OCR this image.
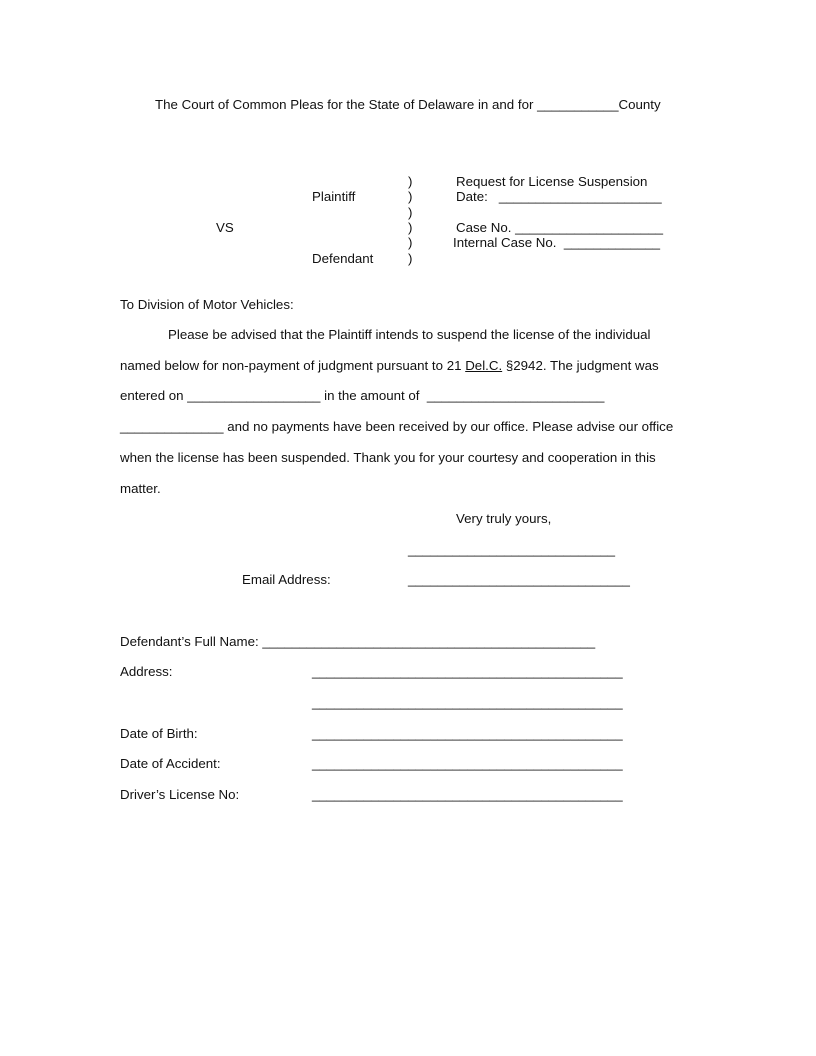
The Court of Common Pleas for the State of Delaware in and for ___________County
)
)
)
)
)
)
Plaintiff
VS
Defendant
Request for License Suspension
Date: ______________________
Case No. ____________________
Internal Case No. _____________
To Division of Motor Vehicles:
Please be advised that the Plaintiff intends to suspend the license of the individual
named below for non-payment of judgment pursuant to 21 Del.C. §2942. The judgment was
entered on __________________ in the amount of ________________________
______________ and no payments have been received by our office. Please advise our office
when the license has been suspended. Thank you for your courtesy and cooperation in this
matter.
Very truly yours,
____________________________
Email Address:	______________________________
Defendant’s Full Name: _____________________________________________
Address:	__________________________________________
__________________________________________
Date of Birth:	__________________________________________
Date of Accident:	__________________________________________
Driver’s License No:	__________________________________________
